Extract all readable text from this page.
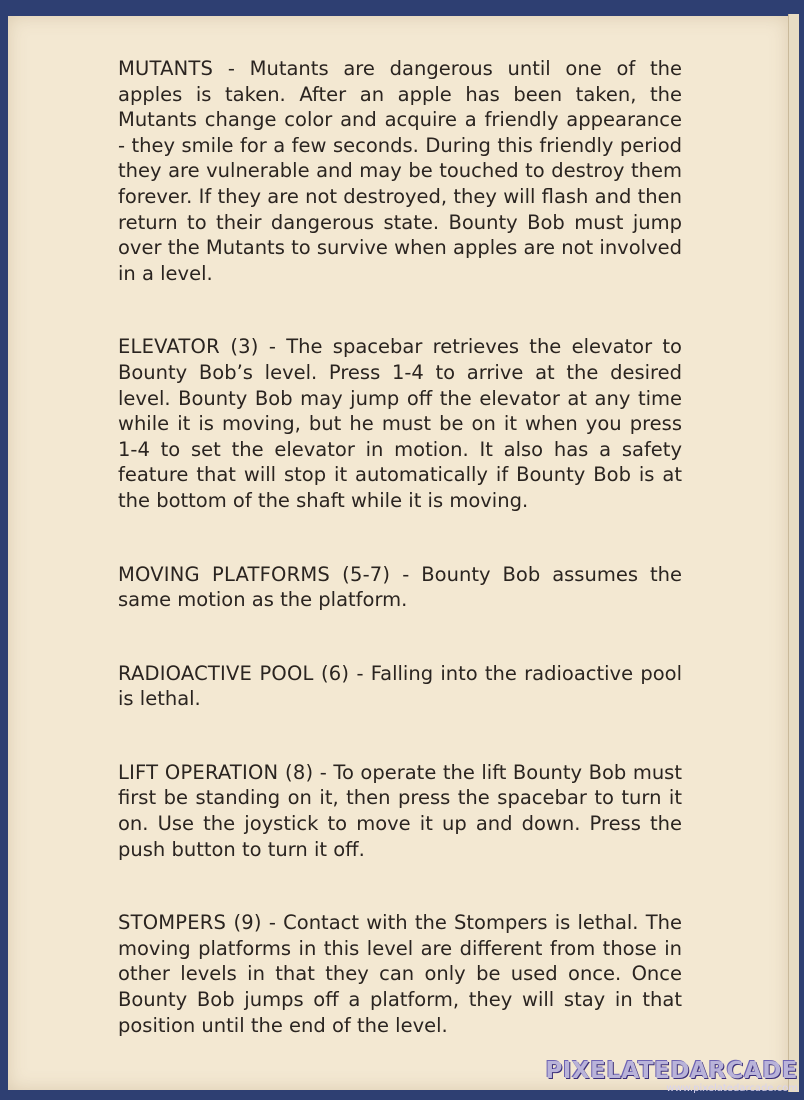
MUTANTS - Mutants are dangerous until one of the apples is taken. After an apple has been taken, the Mutants change color and acquire a friendly appearance - they smile for a few seconds. During this friendly period they are vulnerable and may be touched to destroy them forever. If they are not destroyed, they will flash and then return to their dangerous state. Bounty Bob must jump over the Mutants to survive when apples are not involved in a level.

ELEVATOR (3) - The spacebar retrieves the elevator to Bounty Bob’s level. Press 1-4 to arrive at the desired level. Bounty Bob may jump off the elevator at any time while it is moving, but he must be on it when you press 1-4 to set the elevator in motion. It also has a safety feature that will stop it automatically if Bounty Bob is at the bottom of the shaft while it is moving.

MOVING PLATFORMS (5-7) - Bounty Bob assumes the same motion as the platform.

RADIOACTIVE POOL (6) - Falling into the radioactive pool is lethal.

LIFT OPERATION (8) - To operate the lift Bounty Bob must first be standing on it, then press the spacebar to turn it on. Use the joystick to move it up and down. Press the push button to turn it off.

STOMPERS (9) - Contact with the Stompers is lethal. The moving platforms in this level are different from those in other levels in that they can only be used once. Once Bounty Bob jumps off a platform, they will stay in that position until the end of the level.

PIXELATEDARCADE
www.pixelatedarcade.com
